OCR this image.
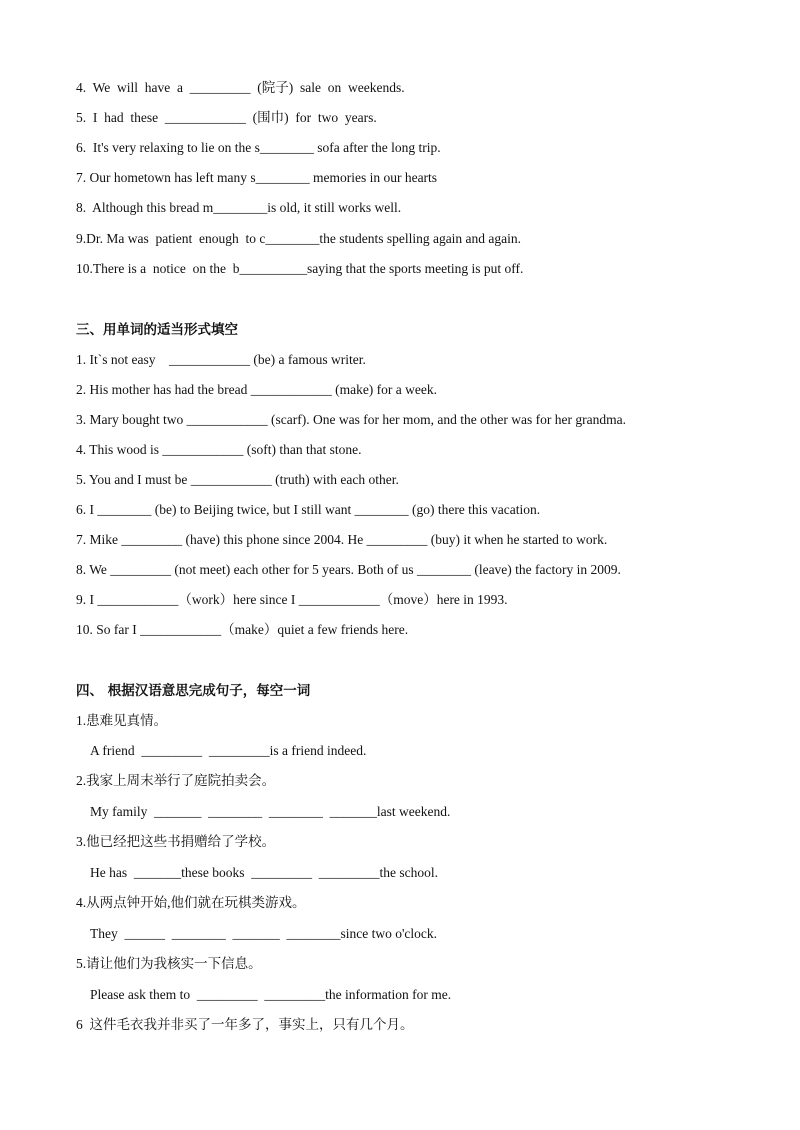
4.  We  will  have  a  _________  (院子)  sale  on  weekends.
5.  I  had  these  ____________  (围巾)  for  two  years.
6.  It's very relaxing to lie on the s________ sofa after the long trip.
7. Our hometown has left many s________ memories in our hearts
8.  Although this bread m________is old, it still works well.
9.Dr. Ma was  patient  enough  to c________the students spelling again and again.
10.There is a  notice  on the  b__________saying that the sports meeting is put off.
三、用单词的适当形式填空
1. It`s not easy    ____________ (be) a famous writer.
2. His mother has had the bread ____________ (make) for a week.
3. Mary bought two ____________ (scarf). One was for her mom, and the other was for her grandma.
4. This wood is ____________ (soft) than that stone.
5. You and I must be ____________ (truth) with each other.
6. I ________ (be) to Beijing twice, but I still want ________ (go) there this vacation.
7. Mike _________ (have) this phone since 2004. He _________ (buy) it when he started to work.
8. We _________ (not meet) each other for 5 years. Both of us ________ (leave) the factory in 2009.
9. I ____________（work）here since I ____________（move）here in 1993.
10. So far I ____________（make）quiet a few friends here.
四、 根据汉语意思完成句子，每空一词
1.患难见真情。
A friend  _________  _________is a friend indeed.
2.我家上周末举行了庭院拍卖会。
My family  _______  ________  ________  _______last weekend.
3.他已经把这些书捐赠给了学校。
He has  _______these books  _________  _________the school.
4.从两点钟开始,他们就在玩棋类游戏。
They  ______  ________  _______  ________since two o'clock.
5.请让他们为我核实一下信息。
Please ask them to  _________  _________the information for me.
6  这件毛衣我并非买了一年多了，事实上，只有几个月。
